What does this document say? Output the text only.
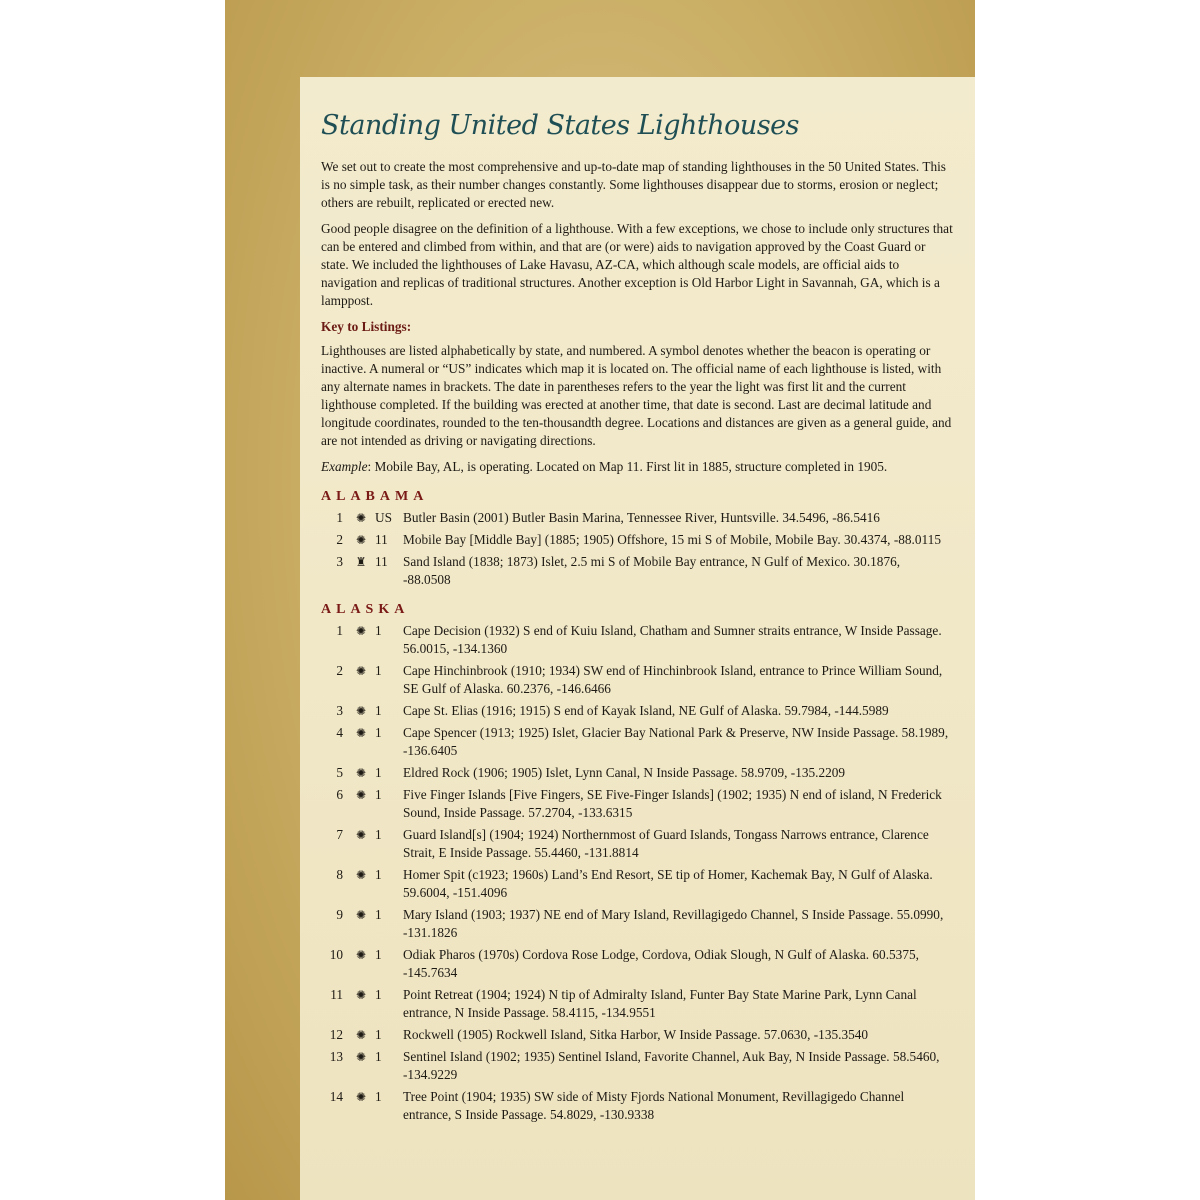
Standing United States Lighthouses

We set out to create the most comprehensive and up-to-date map of standing lighthouses in the 50 United States. This is no simple task, as their number changes constantly. Some lighthouses disappear due to storms, erosion or neglect; others are rebuilt, replicated or erected new.

Good people disagree on the definition of a lighthouse. With a few exceptions, we chose to include only structures that can be entered and climbed from within, and that are (or were) aids to navigation approved by the Coast Guard or state. We included the lighthouses of Lake Havasu, AZ-CA, which although scale models, are official aids to navigation and replicas of traditional structures. Another exception is Old Harbor Light in Savannah, GA, which is a lamppost.

Key to Listings:

Lighthouses are listed alphabetically by state, and numbered. A symbol denotes whether the beacon is operating or inactive. A numeral or “US” indicates which map it is located on. The official name of each lighthouse is listed, with any alternate names in brackets. The date in parentheses refers to the year the light was first lit and the current lighthouse completed. If the building was erected at another time, that date is second. Last are decimal latitude and longitude coordinates, rounded to the ten-thousandth degree. Locations and distances are given as a general guide, and are not intended as driving or navigating directions.

Example: Mobile Bay, AL, is operating. Located on Map 11. First lit in 1885, structure completed in 1905.

ALABAMA
1	✺ US Butler Basin (2001) Butler Basin Marina, Tennessee River, Huntsville. 34.5496, -86.5416
2	✺ 11	Mobile Bay [Middle Bay] (1885; 1905) Offshore, 15 mi S of Mobile, Mobile Bay. 30.4374, -88.0115
3	♜ 11	Sand Island (1838; 1873) Islet, 2.5 mi S of Mobile Bay entrance, N Gulf of Mexico. 30.1876, -88.0508
ALASKA
1	✺ 1	Cape Decision (1932) S end of Kuiu Island, Chatham and Sumner straits entrance, W Inside Passage. 56.0015, -134.1360
2	✺ 1	Cape Hinchinbrook (1910; 1934) SW end of Hinchinbrook Island, entrance to Prince William Sound, SE Gulf of Alaska. 60.2376, -146.6466
3	✺ 1	Cape St. Elias (1916; 1915) S end of Kayak Island, NE Gulf of Alaska. 59.7984, -144.5989
4	✺ 1	Cape Spencer (1913; 1925) Islet, Glacier Bay National Park & Preserve, NW Inside Passage. 58.1989, -136.6405
5	✺ 1	Eldred Rock (1906; 1905) Islet, Lynn Canal, N Inside Passage. 58.9709, -135.2209
6	✺ 1	Five Finger Islands [Five Fingers, SE Five-Finger Islands] (1902; 1935) N end of island, N Frederick Sound, Inside Passage. 57.2704, -133.6315
7	✺ 1	Guard Island[s] (1904; 1924) Northernmost of Guard Islands, Tongass Narrows entrance, Clarence Strait, E Inside Passage. 55.4460, -131.8814
8	✺ 1	Homer Spit (c1923; 1960s) Land’s End Resort, SE tip of Homer, Kachemak Bay, N Gulf of Alaska. 59.6004, -151.4096
9	✺ 1	Mary Island (1903; 1937) NE end of Mary Island, Revillagigedo Channel, S Inside Passage. 55.0990, -131.1826
10	✺ 1	Odiak Pharos (1970s) Cordova Rose Lodge, Cordova, Odiak Slough, N Gulf of Alaska. 60.5375, -145.7634
11	✺ 1	Point Retreat (1904; 1924) N tip of Admiralty Island, Funter Bay State Marine Park, Lynn Canal entrance, N Inside Passage. 58.4115, -134.9551
12	✺ 1	Rockwell (1905) Rockwell Island, Sitka Harbor, W Inside Passage. 57.0630, -135.3540
13	✺ 1	Sentinel Island (1902; 1935) Sentinel Island, Favorite Channel, Auk Bay, N Inside Passage. 58.5460, -134.9229
14	✺ 1	Tree Point (1904; 1935) SW side of Misty Fjords National Monument, Revillagigedo Channel entrance, S Inside Passage. 54.8029, -130.9338
